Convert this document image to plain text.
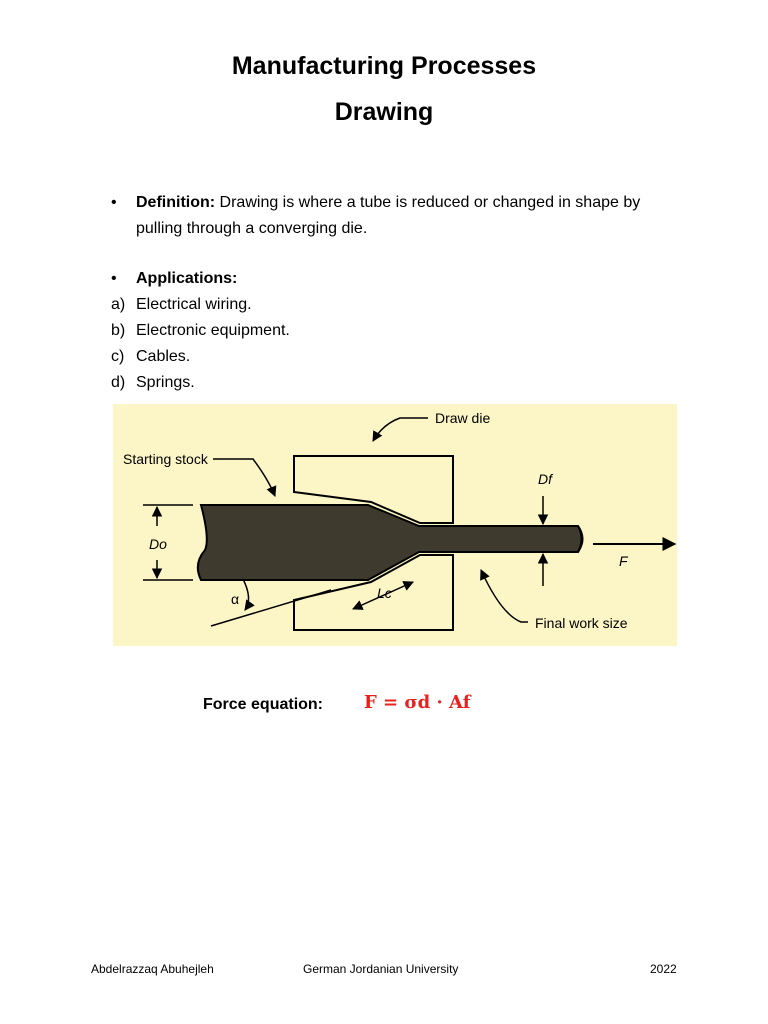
Manufacturing Processes
Drawing
• Definition: Drawing is where a tube is reduced or changed in shape by pulling through a converging die.
• Applications:
a) Electrical wiring.
b) Electronic equipment.
c) Cables.
d) Springs.
Draw die
Starting stock
Df
Do
F
α	Lc
Final work size
Force equation: F = σd · Af
Abdelrazzaq Abuhejleh	German Jordanian University	2022
